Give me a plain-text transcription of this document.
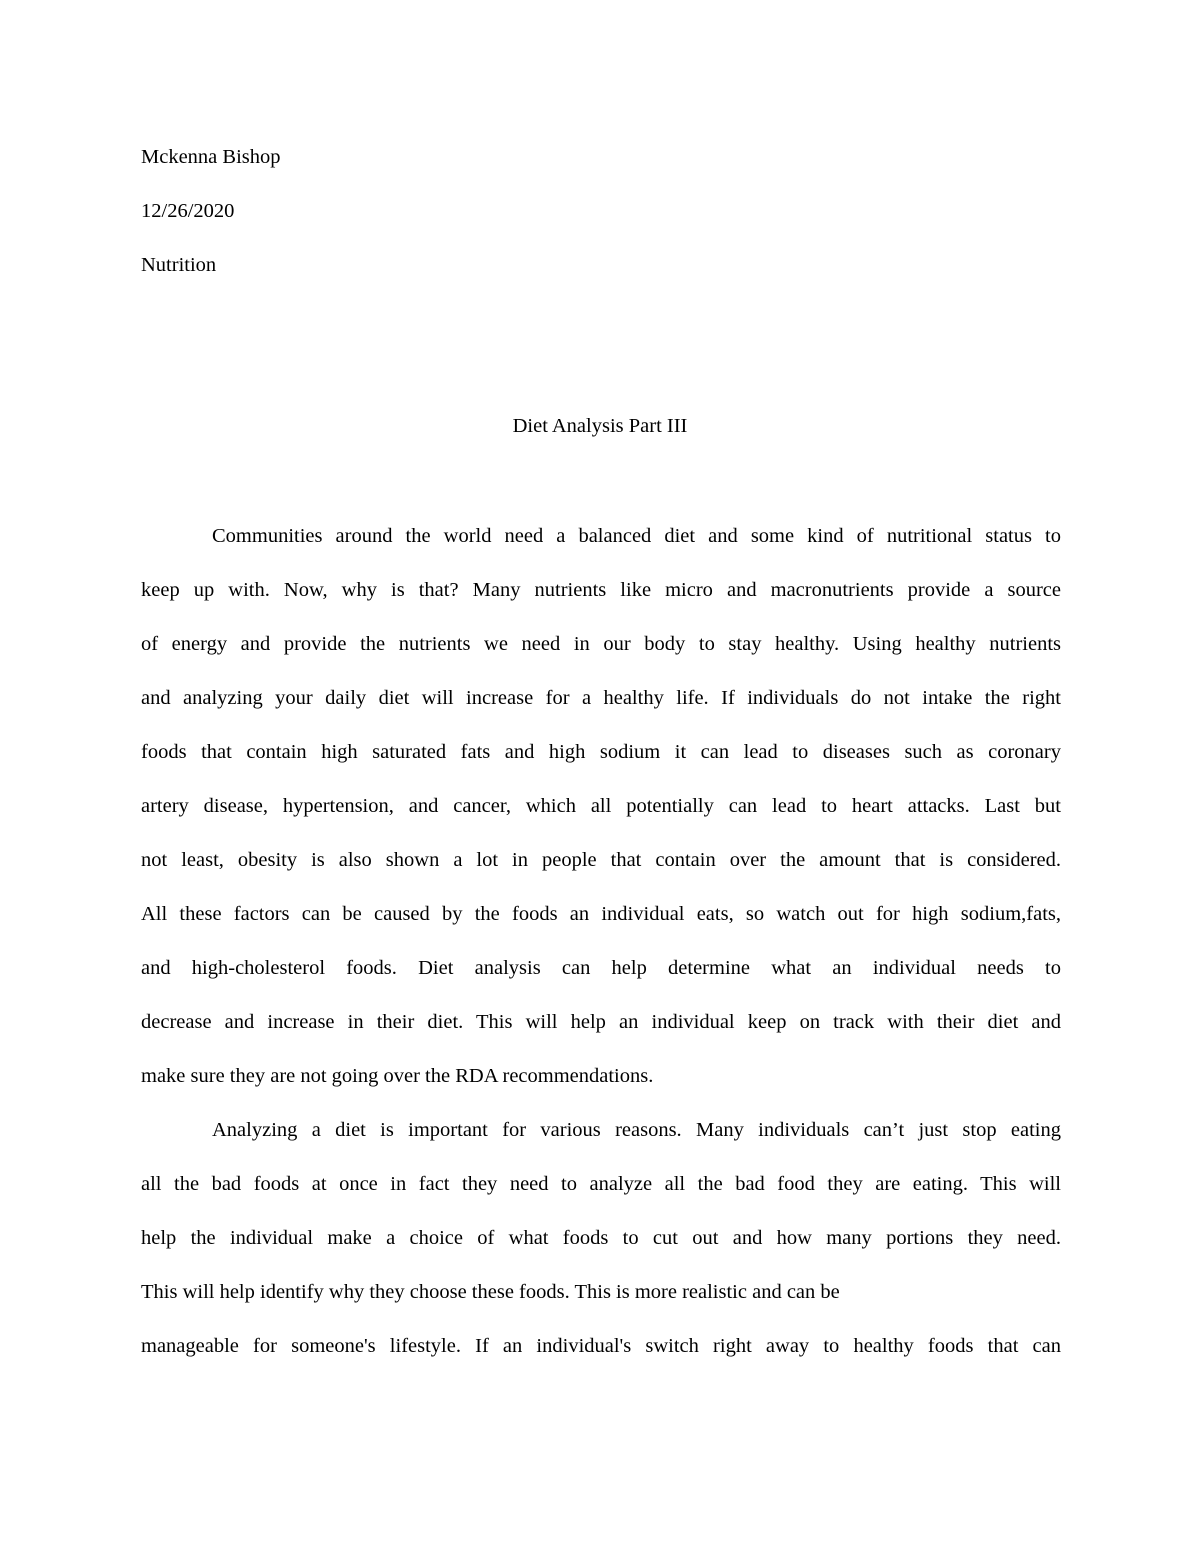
Mckenna Bishop
12/26/2020
Nutrition
Diet Analysis Part III
Communities around the world need a balanced diet and some kind of nutritional status to
keep up with. Now, why is that? Many nutrients like micro and macronutrients provide a source
of energy and provide the nutrients we need in our body to stay healthy. Using healthy nutrients
and analyzing your daily diet will increase for a healthy life. If individuals do not intake the right
foods that contain high saturated fats and high sodium it can lead to diseases such as coronary
artery disease, hypertension, and cancer, which all potentially can lead to heart attacks. Last but
not least, obesity is also shown a lot in people that contain over the amount that is considered.
All these factors can be caused by the foods an individual eats, so watch out for high sodium,fats,
and high-cholesterol foods. Diet analysis can help determine what an individual needs to
decrease and increase in their diet. This will help an individual keep on track with their diet and
make sure they are not going over the RDA recommendations.
Analyzing a diet is important for various reasons. Many individuals can’t just stop eating
all the bad foods at once in fact they need to analyze all the bad food they are eating. This will
help the individual make a choice of what foods to cut out and how many portions they need.
This will help identify why they choose these foods. This is more realistic and can be
manageable for someone's lifestyle. If an individual's switch right away to healthy foods that can
